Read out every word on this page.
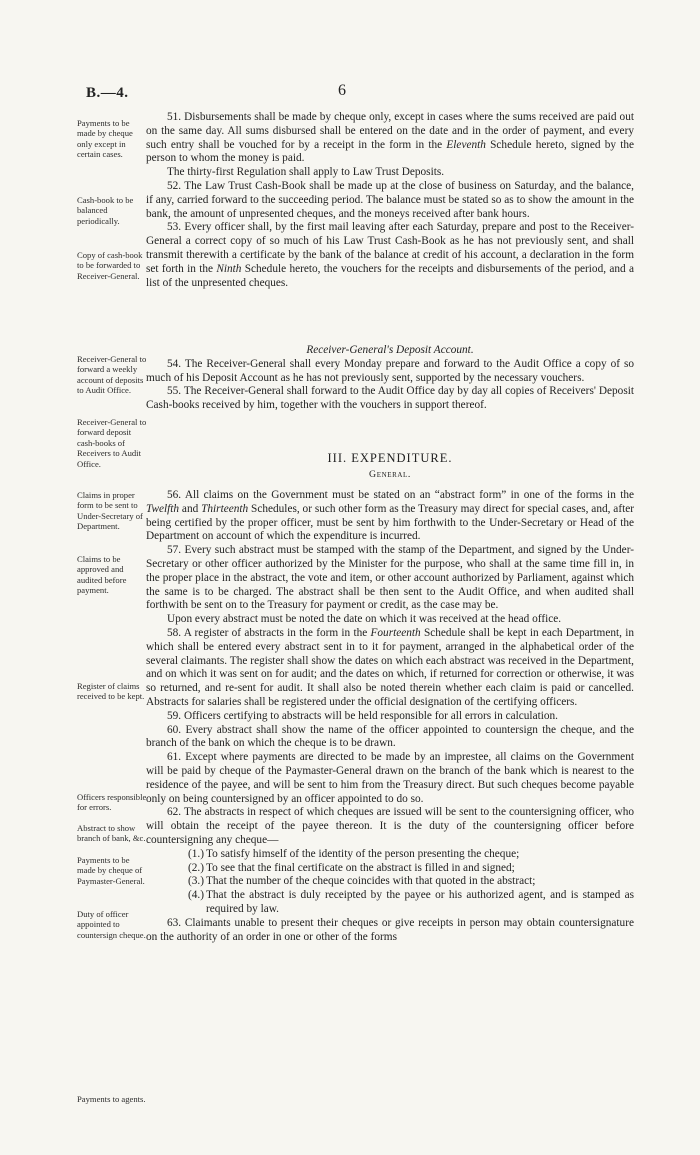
B.—4.	6
Payments to be made by cheque only except in certain cases.
Cash-book to be balanced periodically.
Copy of cash-book to be forwarded to Receiver-General.
Receiver-General to forward a weekly account of deposits to Audit Office.
Receiver-General to forward deposit cash-books of Receivers to Audit Office.
Claims in proper form to be sent to Under-Secretary of Department.
Claims to be approved and audited before payment.
Register of claims received to be kept.
Officers responsible for errors.
Abstract to show branch of bank, &c.
Payments to be made by cheque of Paymaster-General.
Duty of officer appointed to countersign cheque.
Payments to agents.

51. Disbursements shall be made by cheque only, except in cases where the sums received are paid out on the same day. All sums disbursed shall be entered on the date and in the order of payment, and every such entry shall be vouched for by a receipt in the form in the Eleventh Schedule hereto, signed by the person to whom the money is paid.

The thirty-first Regulation shall apply to Law Trust Deposits.

52. The Law Trust Cash-Book shall be made up at the close of business on Saturday, and the balance, if any, carried forward to the succeeding period. The balance must be stated so as to show the amount in the bank, the amount of unpresented cheques, and the moneys received after bank hours.

53. Every officer shall, by the first mail leaving after each Saturday, prepare and post to the Receiver-General a correct copy of so much of his Law Trust Cash-Book as he has not previously sent, and shall transmit therewith a certificate by the bank of the balance at credit of his account, a declaration in the form set forth in the Ninth Schedule hereto, the vouchers for the receipts and disbursements of the period, and a list of the unpresented cheques.

Receiver-General's Deposit Account.

54. The Receiver-General shall every Monday prepare and forward to the Audit Office a copy of so much of his Deposit Account as he has not previously sent, supported by the necessary vouchers.

55. The Receiver-General shall forward to the Audit Office day by day all copies of Receivers' Deposit Cash-books received by him, together with the vouchers in support thereof.

III. EXPENDITURE.

General.

56. All claims on the Government must be stated on an “abstract form” in one of the forms in the Twelfth and Thirteenth Schedules, or such other form as the Treasury may direct for special cases, and, after being certified by the proper officer, must be sent by him forthwith to the Under-Secretary or Head of the Department on account of which the expenditure is incurred.

57. Every such abstract must be stamped with the stamp of the Department, and signed by the Under-Secretary or other officer authorized by the Minister for the purpose, who shall at the same time fill in, in the proper place in the abstract, the vote and item, or other account authorized by Parliament, against which the same is to be charged. The abstract shall be then sent to the Audit Office, and when audited shall forthwith be sent on to the Treasury for payment or credit, as the case may be.

Upon every abstract must be noted the date on which it was received at the head office.

58. A register of abstracts in the form in the Fourteenth Schedule shall be kept in each Department, in which shall be entered every abstract sent in to it for payment, arranged in the alphabetical order of the several claimants. The register shall show the dates on which each abstract was received in the Department, and on which it was sent on for audit; and the dates on which, if returned for correction or otherwise, it was so returned, and re-sent for audit. It shall also be noted therein whether each claim is paid or cancelled. Abstracts for salaries shall be registered under the official designation of the certifying officers.

59. Officers certifying to abstracts will be held responsible for all errors in calculation.

60. Every abstract shall show the name of the officer appointed to countersign the cheque, and the branch of the bank on which the cheque is to be drawn.

61. Except where payments are directed to be made by an imprestee, all claims on the Government will be paid by cheque of the Paymaster-General drawn on the branch of the bank which is nearest to the residence of the payee, and will be sent to him from the Treasury direct. But such cheques become payable only on being countersigned by an officer appointed to do so.

62. The abstracts in respect of which cheques are issued will be sent to the countersigning officer, who will obtain the receipt of the payee thereon. It is the duty of the countersigning officer before countersigning any cheque—

(1.) To satisfy himself of the identity of the person presenting the cheque;
(2.) To see that the final certificate on the abstract is filled in and signed;
(3.) That the number of the cheque coincides with that quoted in the abstract;
(4.) That the abstract is duly receipted by the payee or his authorized agent, and is stamped as required by law.

63. Claimants unable to present their cheques or give receipts in person may obtain countersignature on the authority of an order in one or other of the forms
